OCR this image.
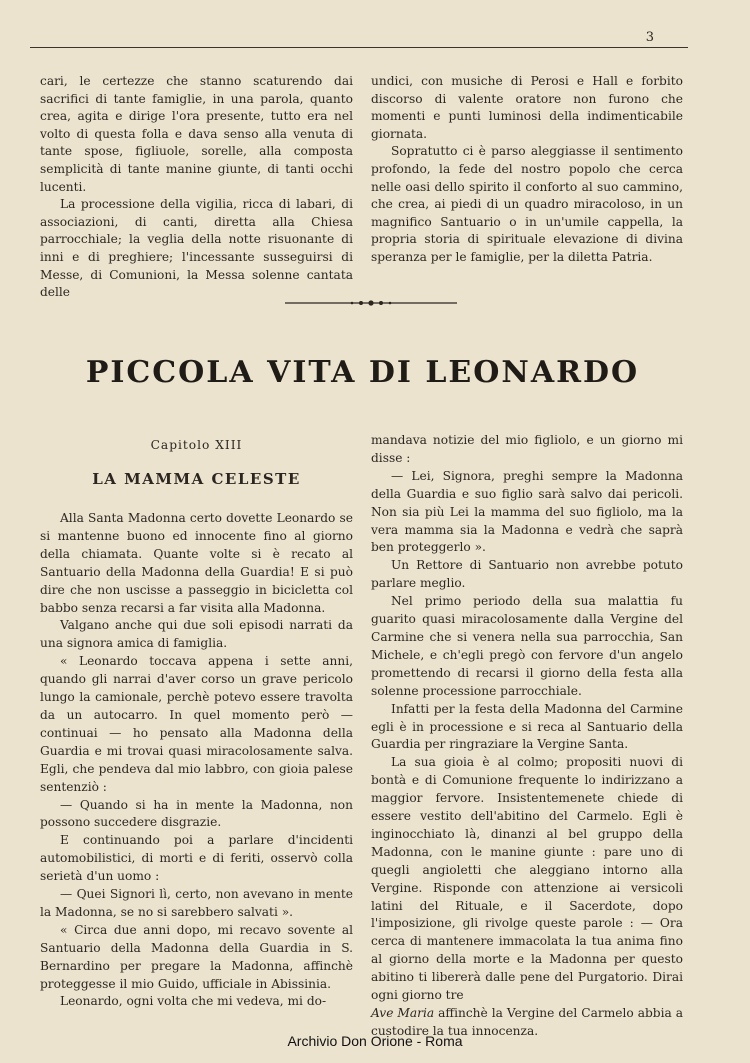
3

cari, le certezze che stanno scaturendo dai sacrifici di tante famiglie, in una parola, quanto crea, agita e dirige l'ora presente, tutto era nel volto di questa folla e dava senso alla venuta di tante spose, figliuole, sorelle, alla composta semplicità di tante manine giunte, di tanti occhi lucenti.

La processione della vigilia, ricca di labari, di associazioni, di canti, diretta alla Chiesa parrocchiale; la veglia della notte risuonante di inni e di preghiere; l'incessante susseguirsi di Messe, di Comunioni, la Messa solenne cantata delle

undici, con musiche di Perosi e Hall e forbito discorso di valente oratore non furono che momenti e punti luminosi della indimenticabile giornata.

Sopratutto ci è parso aleggiasse il sentimento profondo, la fede del nostro popolo che cerca nelle oasi dello spirito il conforto al suo cammino, che crea, ai piedi di un quadro miracoloso, in un magnifico Santuario o in un'umile cappella, la propria storia di spirituale elevazione di divina speranza per le famiglie, per la diletta Patria.

PICCOLA VITA DI LEONARDO
Capitolo XIII
LA MAMMA CELESTE

Alla Santa Madonna certo dovette Leonardo se si mantenne buono ed innocente fino al giorno della chiamata. Quante volte si è recato al Santuario della Madonna della Guardia! E si può dire che non uscisse a passeggio in bicicletta col babbo senza recarsi a far visita alla Madonna.

Valgano anche qui due soli episodi narrati da una signora amica di famiglia.

« Leonardo toccava appena i sette anni, quando gli narrai d'aver corso un grave pericolo lungo la camionale, perchè potevo essere travolta da un autocarro. In quel momento però — continuai — ho pensato alla Madonna della Guardia e mi trovai quasi miracolosamente salva. Egli, che pendeva dal mio labbro, con gioia palese sentenziò :

— Quando si ha in mente la Madonna, non possono succedere disgrazie.

E continuando poi a parlare d'incidenti automobilistici, di morti e di feriti, osservò colla serietà d'un uomo :

— Quei Signori lì, certo, non avevano in mente la Madonna, se no si sarebbero salvati ».

« Circa due anni dopo, mi recavo sovente al Santuario della Madonna della Guardia in S. Bernardino per pregare la Madonna, affinchè proteggesse il mio Guido, ufficiale in Abissinia.

Leonardo, ogni volta che mi vedeva, mi do-

mandava notizie del mio figliolo, e un giorno mi disse :

— Lei, Signora, preghi sempre la Madonna della Guardia e suo figlio sarà salvo dai pericoli. Non sia più Lei la mamma del suo figliolo, ma la vera mamma sia la Madonna e vedrà che saprà ben proteggerlo ».

Un Rettore di Santuario non avrebbe potuto parlare meglio.

Nel primo periodo della sua malattia fu guarito quasi miracolosamente dalla Vergine del Carmine che si venera nella sua parrocchia, San Michele, e ch'egli pregò con fervore d'un angelo promettendo di recarsi il giorno della festa alla solenne processione parrocchiale.

Infatti per la festa della Madonna del Carmine egli è in processione e si reca al Santuario della Guardia per ringraziare la Vergine Santa.

La sua gioia è al colmo; propositi nuovi di bontà e di Comunione frequente lo indirizzano a maggior fervore. Insistentemenete chiede di essere vestito dell'abitino del Carmelo. Egli è inginocchiato là, dinanzi al bel gruppo della Madonna, con le manine giunte : pare uno di quegli angioletti che aleggiano intorno alla Vergine. Risponde con attenzione ai versicoli latini del Rituale, e il Sacerdote, dopo l'imposizione, gli rivolge queste parole : — Ora cerca di mantenere immacolata la tua anima fino al giorno della morte e la Madonna per questo abitino ti libererà dalle pene del Purgatorio. Dirai ogni giorno tre

Ave Maria affinchè la Vergine del Carmelo abbia a custodire la tua innocenza.

Archivio Don Orione - Roma
